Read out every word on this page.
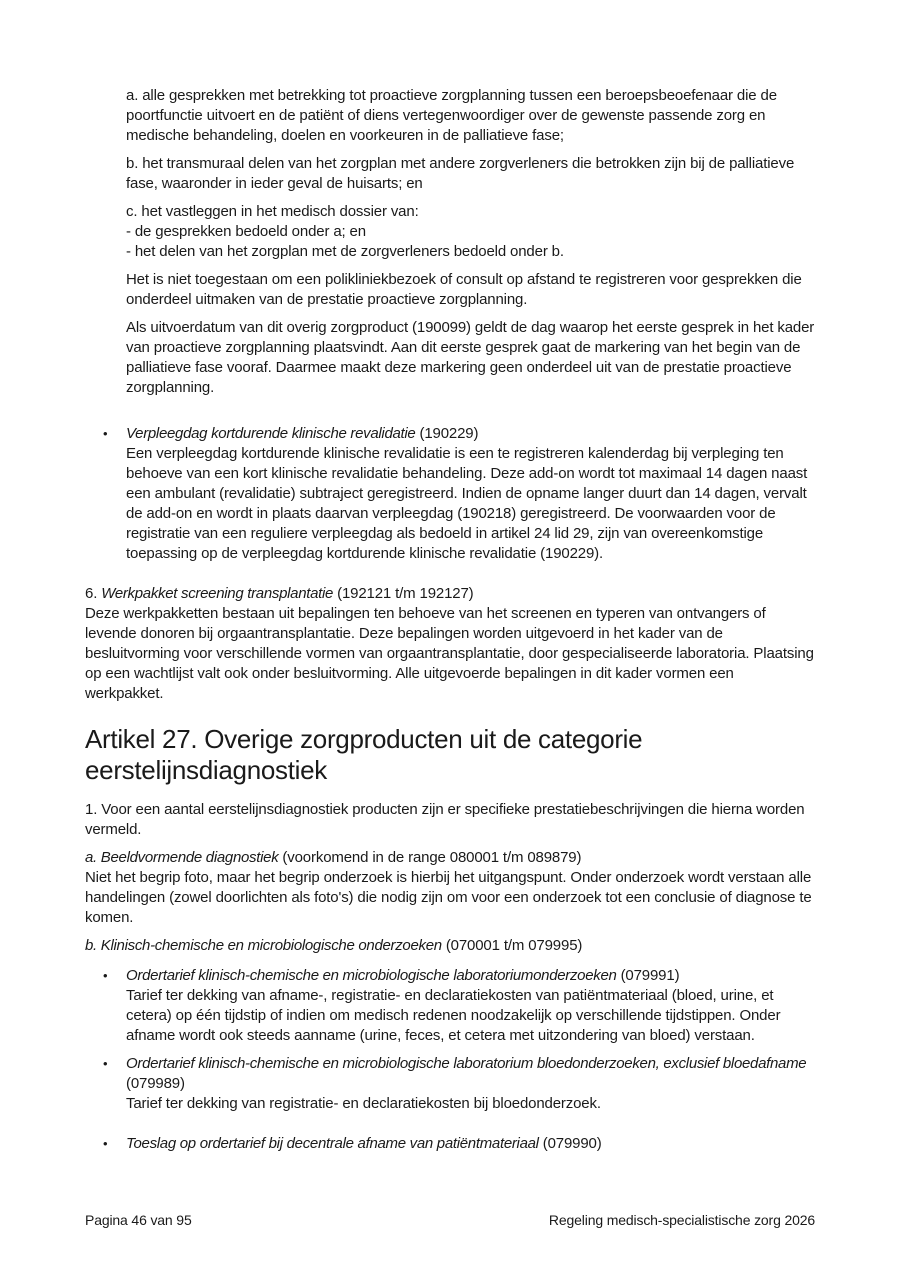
a. alle gesprekken met betrekking tot proactieve zorgplanning tussen een beroepsbeoefenaar die de poortfunctie uitvoert en de patiënt of diens vertegenwoordiger over de gewenste passende zorg en medische behandeling, doelen en voorkeuren in de palliatieve fase;

b. het transmuraal delen van het zorgplan met andere zorgverleners die betrokken zijn bij de palliatieve fase, waaronder in ieder geval de huisarts; en

c. het vastleggen in het medisch dossier van:
- de gesprekken bedoeld onder a; en
- het delen van het zorgplan met de zorgverleners bedoeld onder b.

Het is niet toegestaan om een polikliniekbezoek of consult op afstand te registreren voor gesprekken die onderdeel uitmaken van de prestatie proactieve zorgplanning.

Als uitvoerdatum van dit overig zorgproduct (190099) geldt de dag waarop het eerste gesprek in het kader van proactieve zorgplanning plaatsvindt. Aan dit eerste gesprek gaat de markering van het begin van de palliatieve fase vooraf. Daarmee maakt deze markering geen onderdeel uit van de prestatie proactieve zorgplanning.

•	Verpleegdag kortdurende klinische revalidatie (190229)
Een verpleegdag kortdurende klinische revalidatie is een te registreren kalenderdag bij verpleging ten behoeve van een kort klinische revalidatie behandeling. Deze add-on wordt tot maximaal 14 dagen naast een ambulant (revalidatie) subtraject geregistreerd. Indien de opname langer duurt dan 14 dagen, vervalt de add-on en wordt in plaats daarvan verpleegdag (190218) geregistreerd. De voorwaarden voor de registratie van een reguliere verpleegdag als bedoeld in artikel 24 lid 29, zijn van overeenkomstige toepassing op de verpleegdag kortdurende klinische revalidatie (190229).
6. Werkpakket screening transplantatie (192121 t/m 192127)
Deze werkpakketten bestaan uit bepalingen ten behoeve van het screenen en typeren van ontvangers of levende donoren bij orgaantransplantatie. Deze bepalingen worden uitgevoerd in het kader van de besluitvorming voor verschillende vormen van orgaantransplantatie, door gespecialiseerde laboratoria. Plaatsing op een wachtlijst valt ook onder besluitvorming. Alle uitgevoerde bepalingen in dit kader vormen een werkpakket.
Artikel 27. Overige zorgproducten uit de categorie eerstelijnsdiagnostiek

1. Voor een aantal eerstelijnsdiagnostiek producten zijn er specifieke prestatiebeschrijvingen die hierna worden vermeld.

a. Beeldvormende diagnostiek (voorkomend in de range 080001 t/m 089879)
Niet het begrip foto, maar het begrip onderzoek is hierbij het uitgangspunt. Onder onderzoek wordt verstaan alle handelingen (zowel doorlichten als foto's) die nodig zijn om voor een onderzoek tot een conclusie of diagnose te komen.
b. Klinisch-chemische en microbiologische onderzoeken (070001 t/m 079995)
•	Ordertarief klinisch-chemische en microbiologische laboratoriumonderzoeken (079991)
Tarief ter dekking van afname-, registratie- en declaratiekosten van patiëntmateriaal (bloed, urine, et cetera) op één tijdstip of indien om medisch redenen noodzakelijk op verschillende tijdstippen. Onder afname wordt ook steeds aanname (urine, feces, et cetera met uitzondering van bloed) verstaan.
•	Ordertarief klinisch-chemische en microbiologische laboratorium bloedonderzoeken, exclusief bloedafname (079989)
Tarief ter dekking van registratie- en declaratiekosten bij bloedonderzoek.
•	Toeslag op ordertarief bij decentrale afname van patiëntmateriaal (079990)
Pagina 46 van 95	Regeling medisch-specialistische zorg 2026
